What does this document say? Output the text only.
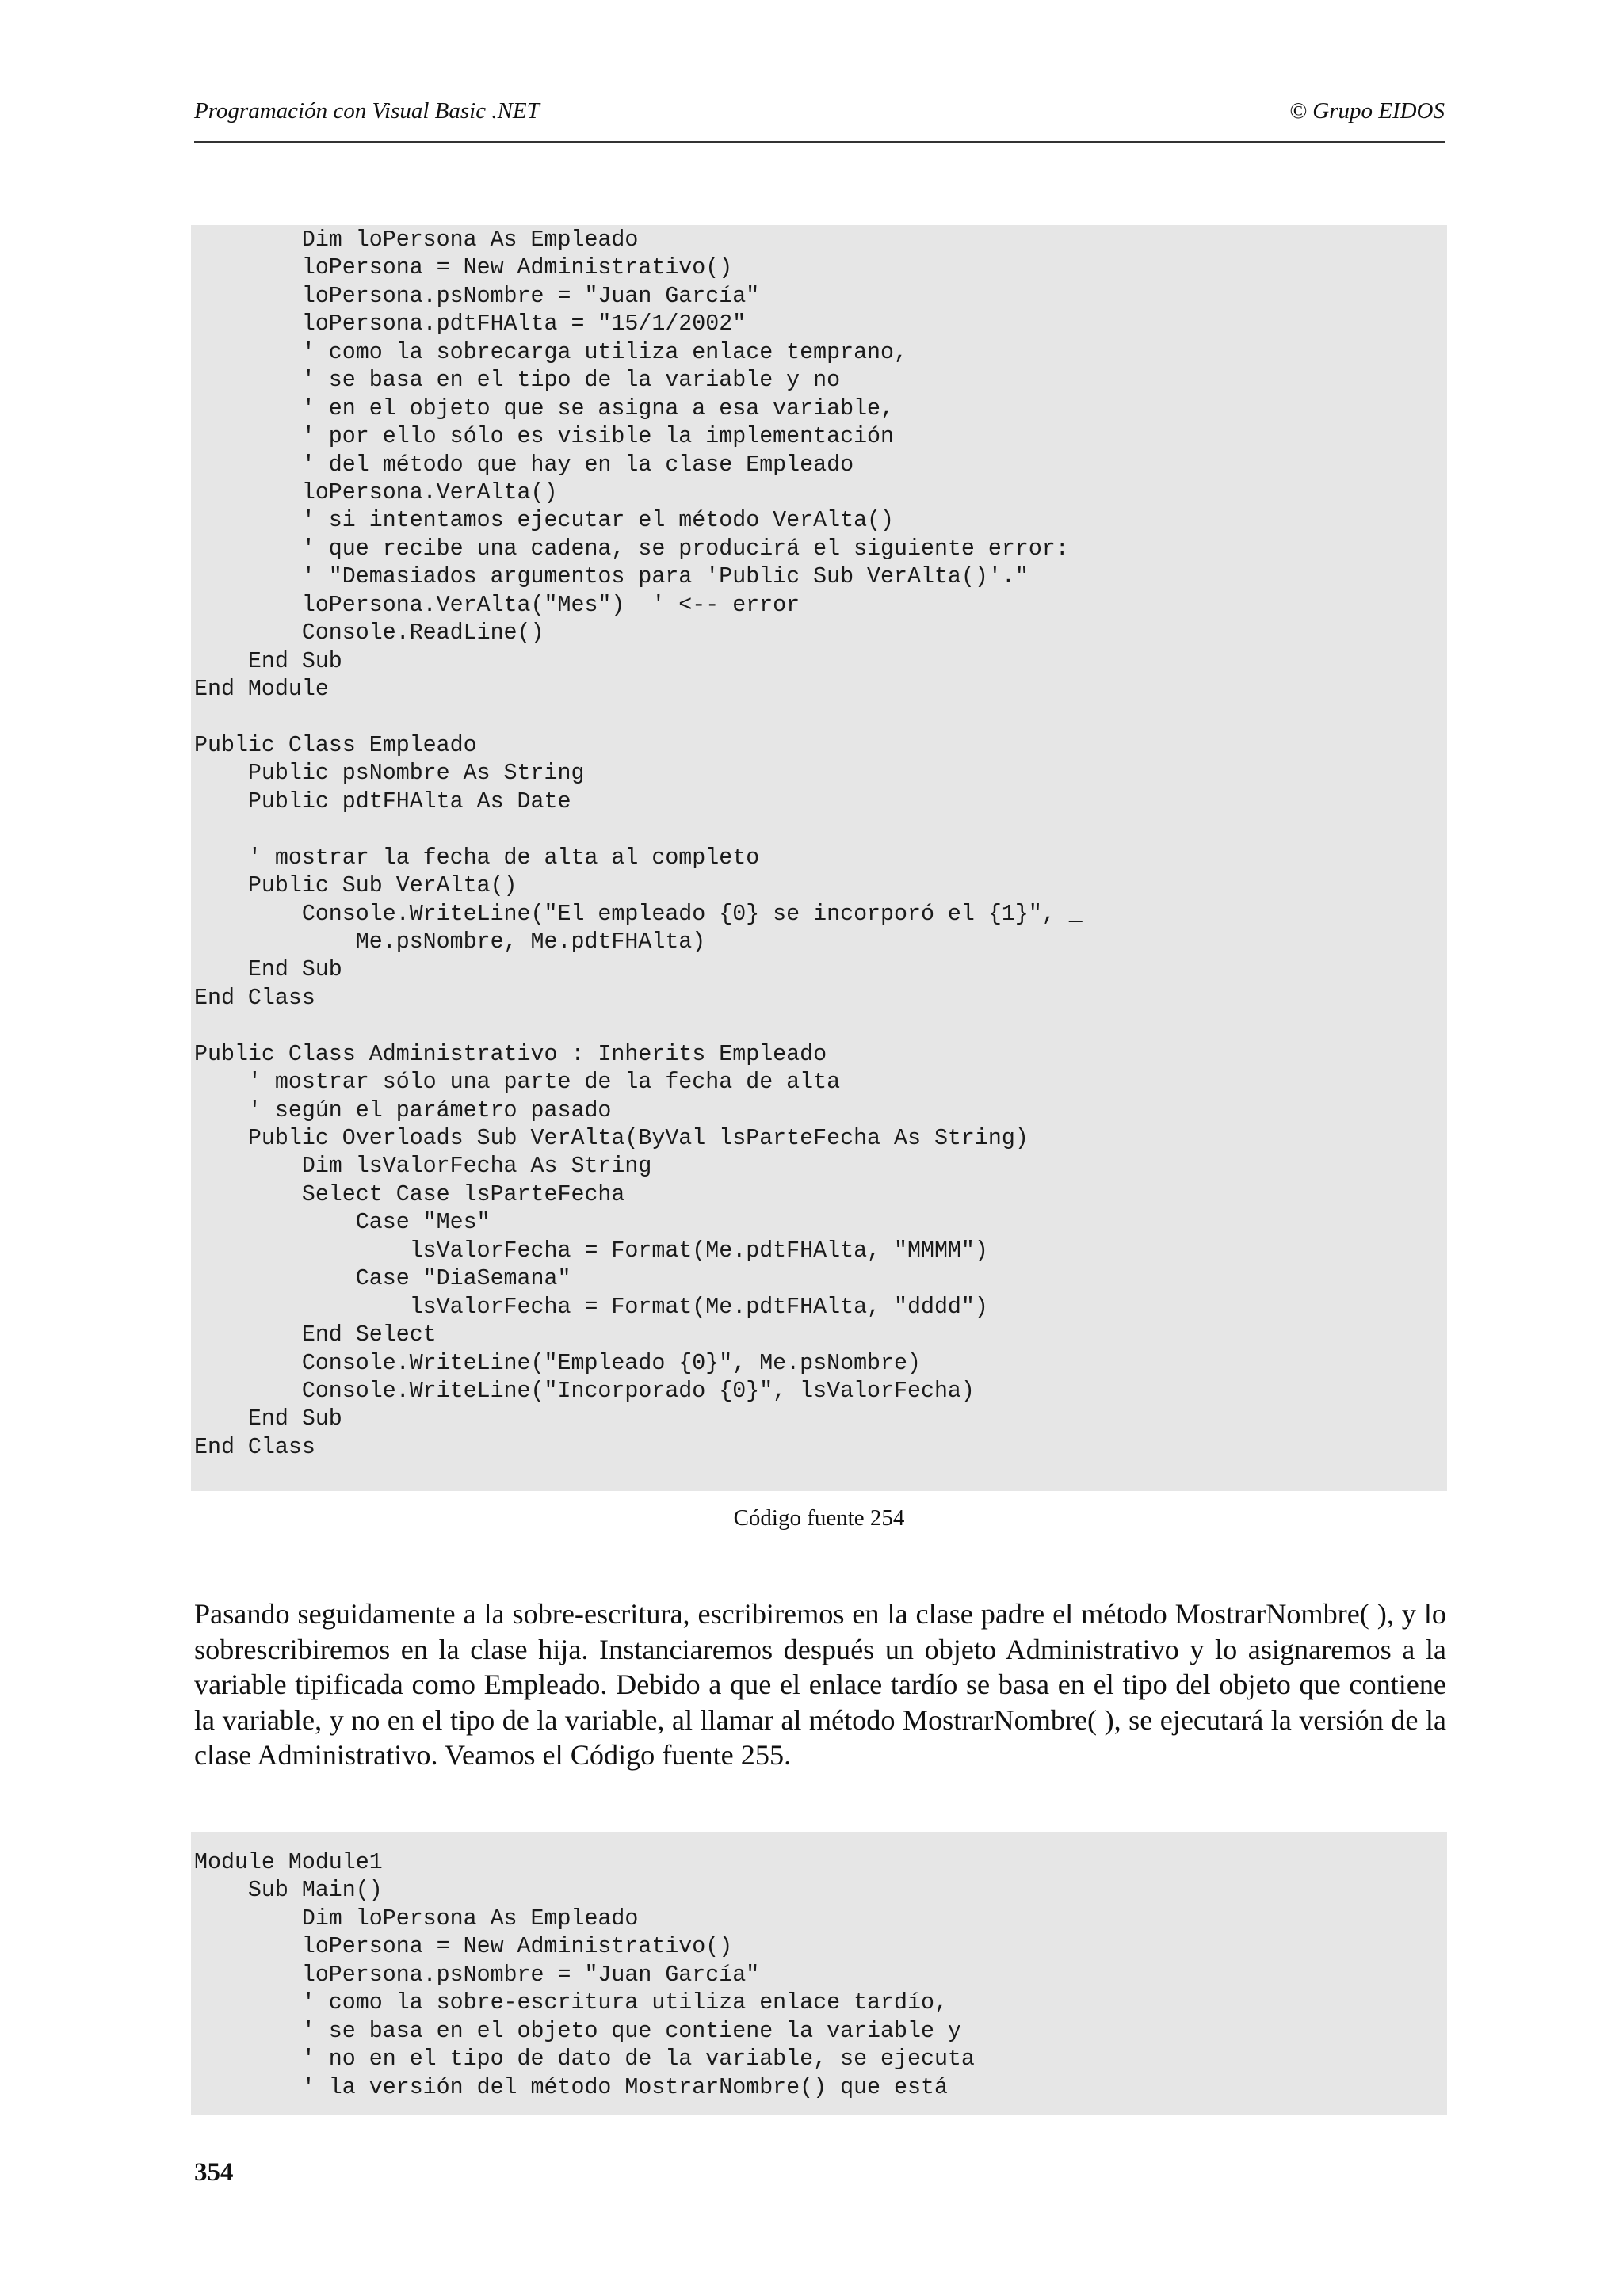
Programación con Visual Basic .NET	© Grupo EIDOS
Dim loPersona As Empleado
loPersona = New Administrativo()
loPersona.psNombre = "Juan García"
loPersona.pdtFHAlta = "15/1/2002"
' como la sobrecarga utiliza enlace temprano,
' se basa en el tipo de la variable y no
' en el objeto que se asigna a esa variable,
' por ello sólo es visible la implementación
' del método que hay en la clase Empleado
loPersona.VerAlta()
' si intentamos ejecutar el método VerAlta()
' que recibe una cadena, se producirá el siguiente error:
' "Demasiados argumentos para 'Public Sub VerAlta()'."
loPersona.VerAlta("Mes")  ' <-- error
Console.ReadLine()
End Sub
End Module
Public Class Empleado
Public psNombre As String
Public pdtFHAlta As Date
' mostrar la fecha de alta al completo
Public Sub VerAlta()
Console.WriteLine("El empleado {0} se incorporó el {1}", _
Me.psNombre, Me.pdtFHAlta)
End Sub
End Class
Public Class Administrativo : Inherits Empleado
' mostrar sólo una parte de la fecha de alta
' según el parámetro pasado
Public Overloads Sub VerAlta(ByVal lsParteFecha As String)
Dim lsValorFecha As String
Select Case lsParteFecha
Case "Mes"
lsValorFecha = Format(Me.pdtFHAlta, "MMMM")
Case "DiaSemana"
lsValorFecha = Format(Me.pdtFHAlta, "dddd")
End Select
Console.WriteLine("Empleado {0}", Me.psNombre)
Console.WriteLine("Incorporado {0}", lsValorFecha)
End Sub
End Class
Código fuente 254

Pasando seguidamente a la sobre-escritura, escribiremos en la clase padre el método MostrarNombre( ), y lo sobrescribiremos en la clase hija. Instanciaremos después un objeto Administrativo y lo asignaremos a la variable tipificada como Empleado. Debido a que el enlace tardío se basa en el tipo del objeto que contiene la variable, y no en el tipo de la variable, al llamar al método MostrarNombre( ), se ejecutará la versión de la clase Administrativo. Veamos el Código fuente 255.

Module Module1
Sub Main()
Dim loPersona As Empleado
loPersona = New Administrativo()
loPersona.psNombre = "Juan García"
' como la sobre-escritura utiliza enlace tardío,
' se basa en el objeto que contiene la variable y
' no en el tipo de dato de la variable, se ejecuta
' la versión del método MostrarNombre() que está
354
